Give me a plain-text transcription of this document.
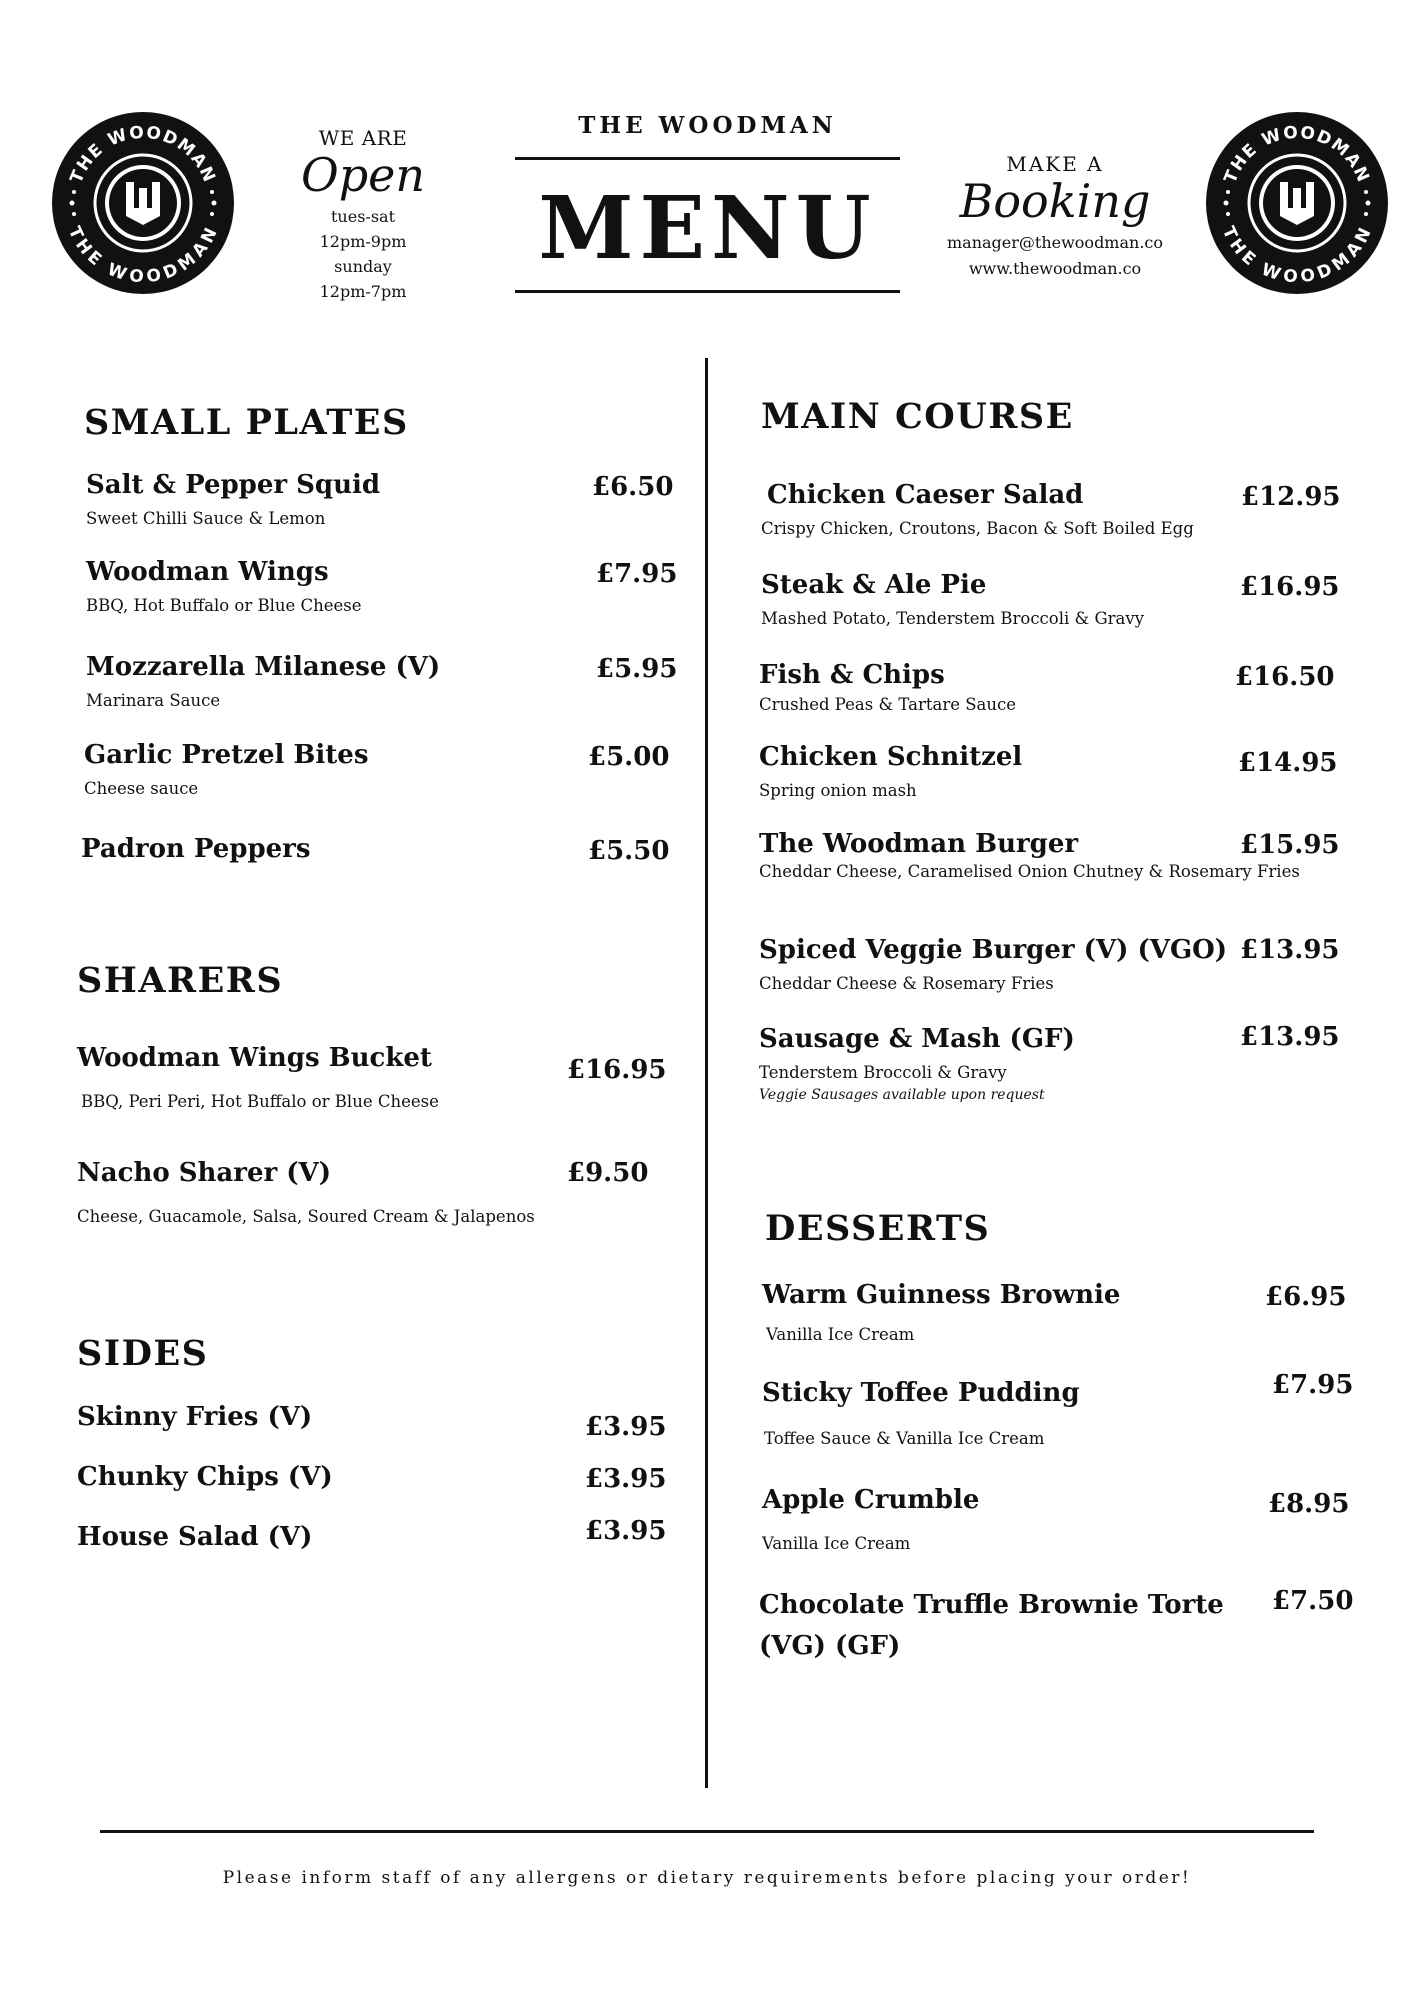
THE WOODMAN
THE WOODMAN
THE WOODMAN
THE WOODMAN
WE ARE
Open
tues-sat
12pm-9pm
sunday
12pm-7pm
THE WOODMAN
MENU
MAKE A
Booking
manager@thewoodman.co
www.thewoodman.co
SMALL PLATES
Salt & Pepper Squid
Sweet Chilli Sauce & Lemon
£6.50
Woodman Wings
BBQ, Hot Buffalo or Blue Cheese
£7.95
Mozzarella Milanese (V)
Marinara Sauce
£5.95
Garlic Pretzel Bites
Cheese sauce
£5.00
Padron Peppers	£5.50
SHARERS
Woodman Wings Bucket
BBQ, Peri Peri, Hot Buffalo or Blue Cheese
£16.95
Nacho Sharer (V)
Cheese, Guacamole, Salsa, Soured Cream & Jalapenos
£9.50
SIDES
Skinny Fries (V)	£3.95
Chunky Chips (V)	£3.95
House Salad (V)	£3.95
MAIN COURSE
Chicken Caeser Salad
Crispy Chicken, Croutons, Bacon & Soft Boiled Egg
£12.95
Steak & Ale Pie
Mashed Potato, Tenderstem Broccoli & Gravy
£16.95
Fish & Chips
Crushed Peas & Tartare Sauce
£16.50
Chicken Schnitzel
Spring onion mash
£14.95
The Woodman Burger
Cheddar Cheese, Caramelised Onion Chutney & Rosemary Fries
£15.95
Spiced Veggie Burger (V) (VGO)
Cheddar Cheese & Rosemary Fries
£13.95
Sausage & Mash (GF)
Tenderstem Broccoli & Gravy
Veggie Sausages available upon request
£13.95
DESSERTS
Warm Guinness Brownie
Vanilla Ice Cream
£6.95
Sticky Toffee Pudding
Toffee Sauce & Vanilla Ice Cream
£7.95
Apple Crumble
Vanilla Ice Cream
£8.95
Chocolate Truffle Brownie Torte
(VG) (GF)
£7.50
Please inform staff of any allergens or dietary requirements before placing your order!
